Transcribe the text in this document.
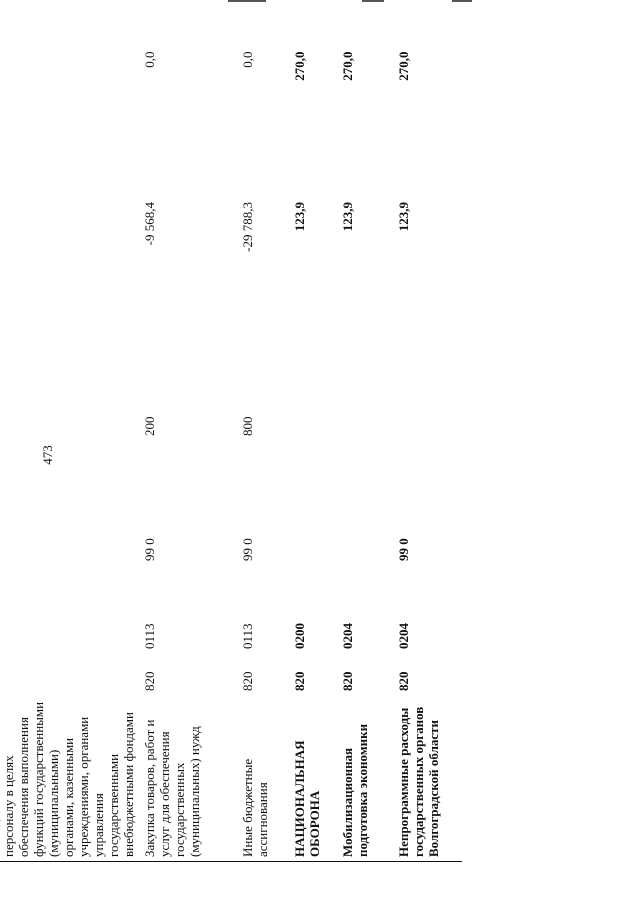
473

персоналу в целях обеспечения выполнения функций государственными (муниципальными) органами, казенными учреждениями, органами управления государственными внебюджетными фондами						
Закупка товаров, работ и услуг для обеспечения государственных (муниципальных) нужд	820	0113	99 0	200	-9 568,4	0,0
Иные бюджетные ассигнования	820	0113	99 0	800	-29 788,3	0,0
НАЦИОНАЛЬНАЯ ОБОРОНА	820	0200			123,9	270,0
Мобилизационная подготовка экономики	820	0204			123,9	270,0
Непрограммные расходы государственных органов Волгоградской области	820	0204	99 0		123,9	270,0
